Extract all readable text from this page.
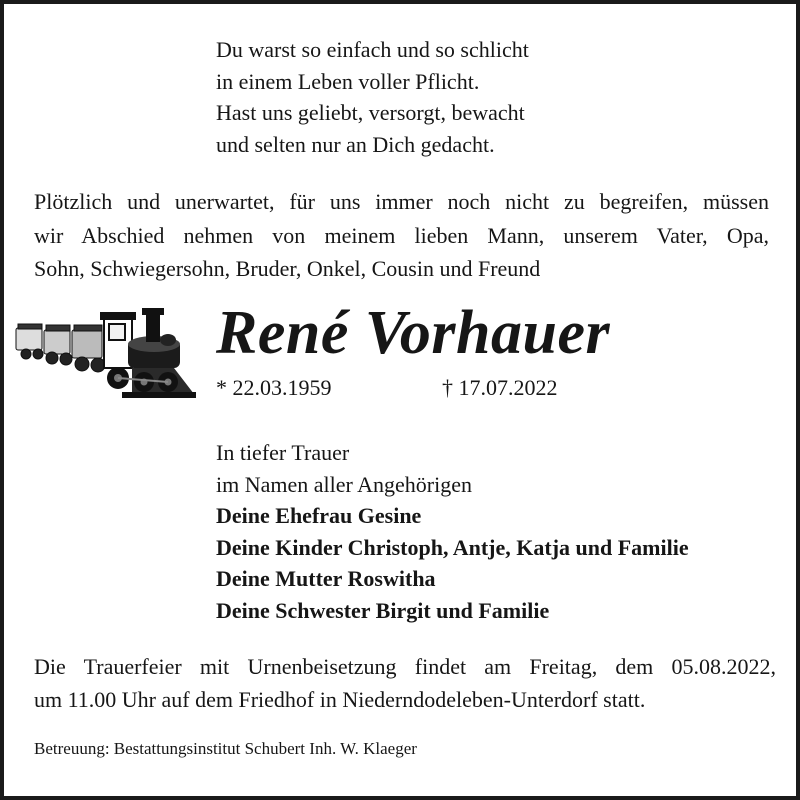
Du warst so einfach und so schlicht
in einem Leben voller Pflicht.
Hast uns geliebt, versorgt, bewacht
und selten nur an Dich gedacht.
Plötzlich und unerwartet, für uns immer noch nicht zu begreifen, müssen
wir Abschied nehmen von meinem lieben Mann, unserem Vater, Opa,
Sohn, Schwiegersohn, Bruder, Onkel, Cousin und Freund
René Vorhauer
* 22.03.1959	† 17.07.2022
In tiefer Trauer
im Namen aller Angehörigen
Deine Ehefrau Gesine
Deine Kinder Christoph, Antje, Katja und Familie
Deine Mutter Roswitha
Deine Schwester Birgit und Familie
Die Trauerfeier mit Urnenbeisetzung findet am Freitag, dem 05.08.2022,
um 11.00 Uhr auf dem Friedhof in Niederndodeleben-Unterdorf statt.
Betreuung: Bestattungsinstitut Schubert Inh. W. Klaeger
